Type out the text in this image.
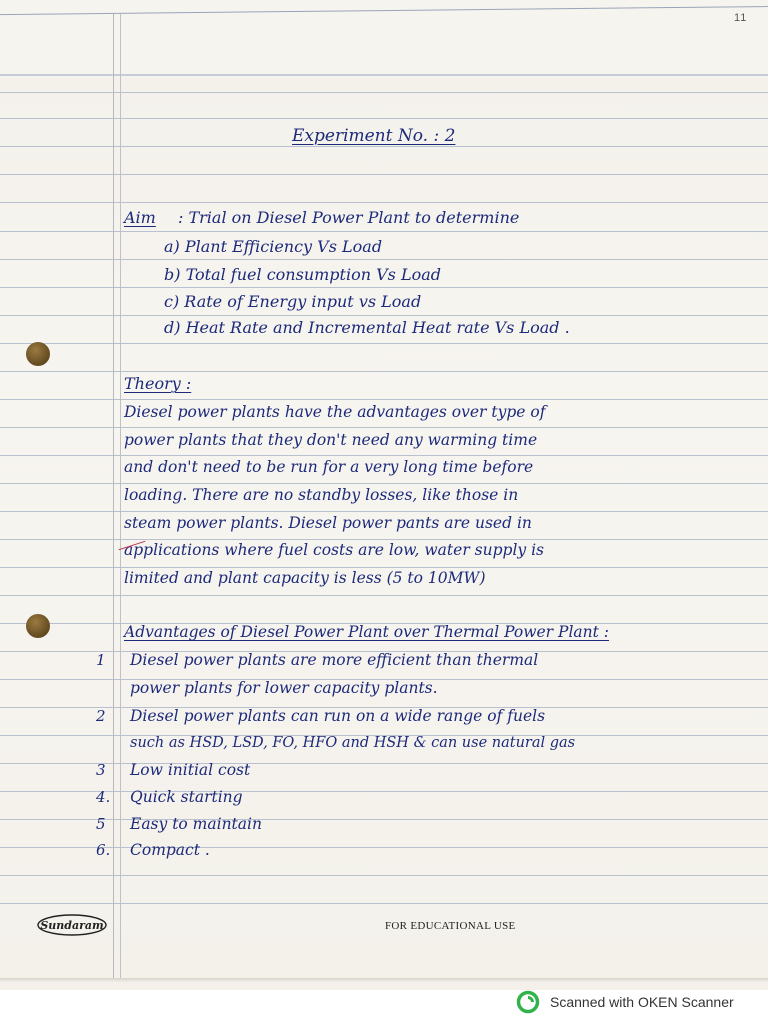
11
Experiment No. : 2
Aim : Trial on Diesel Power Plant to determine
a) Plant Efficiency Vs Load
b) Total fuel consumption Vs Load
c) Rate of Energy input vs Load
d) Heat Rate and Incremental Heat rate Vs Load .
Theory :
Diesel power plants have the advantages over type of
power plants that they don't need any warming time
and don't need to be run for a very long time before
loading. There are no standby losses, like those in
steam power plants. Diesel power pants are used in
applications where fuel costs are low, water supply is
limited and plant capacity is less (5 to 10MW)
Advantages of Diesel Power Plant over Thermal Power Plant :
1 Diesel power plants are more efficient than thermal
power plants for lower capacity plants.
2 Diesel power plants can run on a wide range of fuels
such as HSD, LSD, FO, HFO and HSH & can use natural gas
3 Low initial cost
4. Quick starting
5 Easy to maintain
6. Compact .
Sundaram	FOR EDUCATIONAL USE
Scanned with OKEN Scanner
